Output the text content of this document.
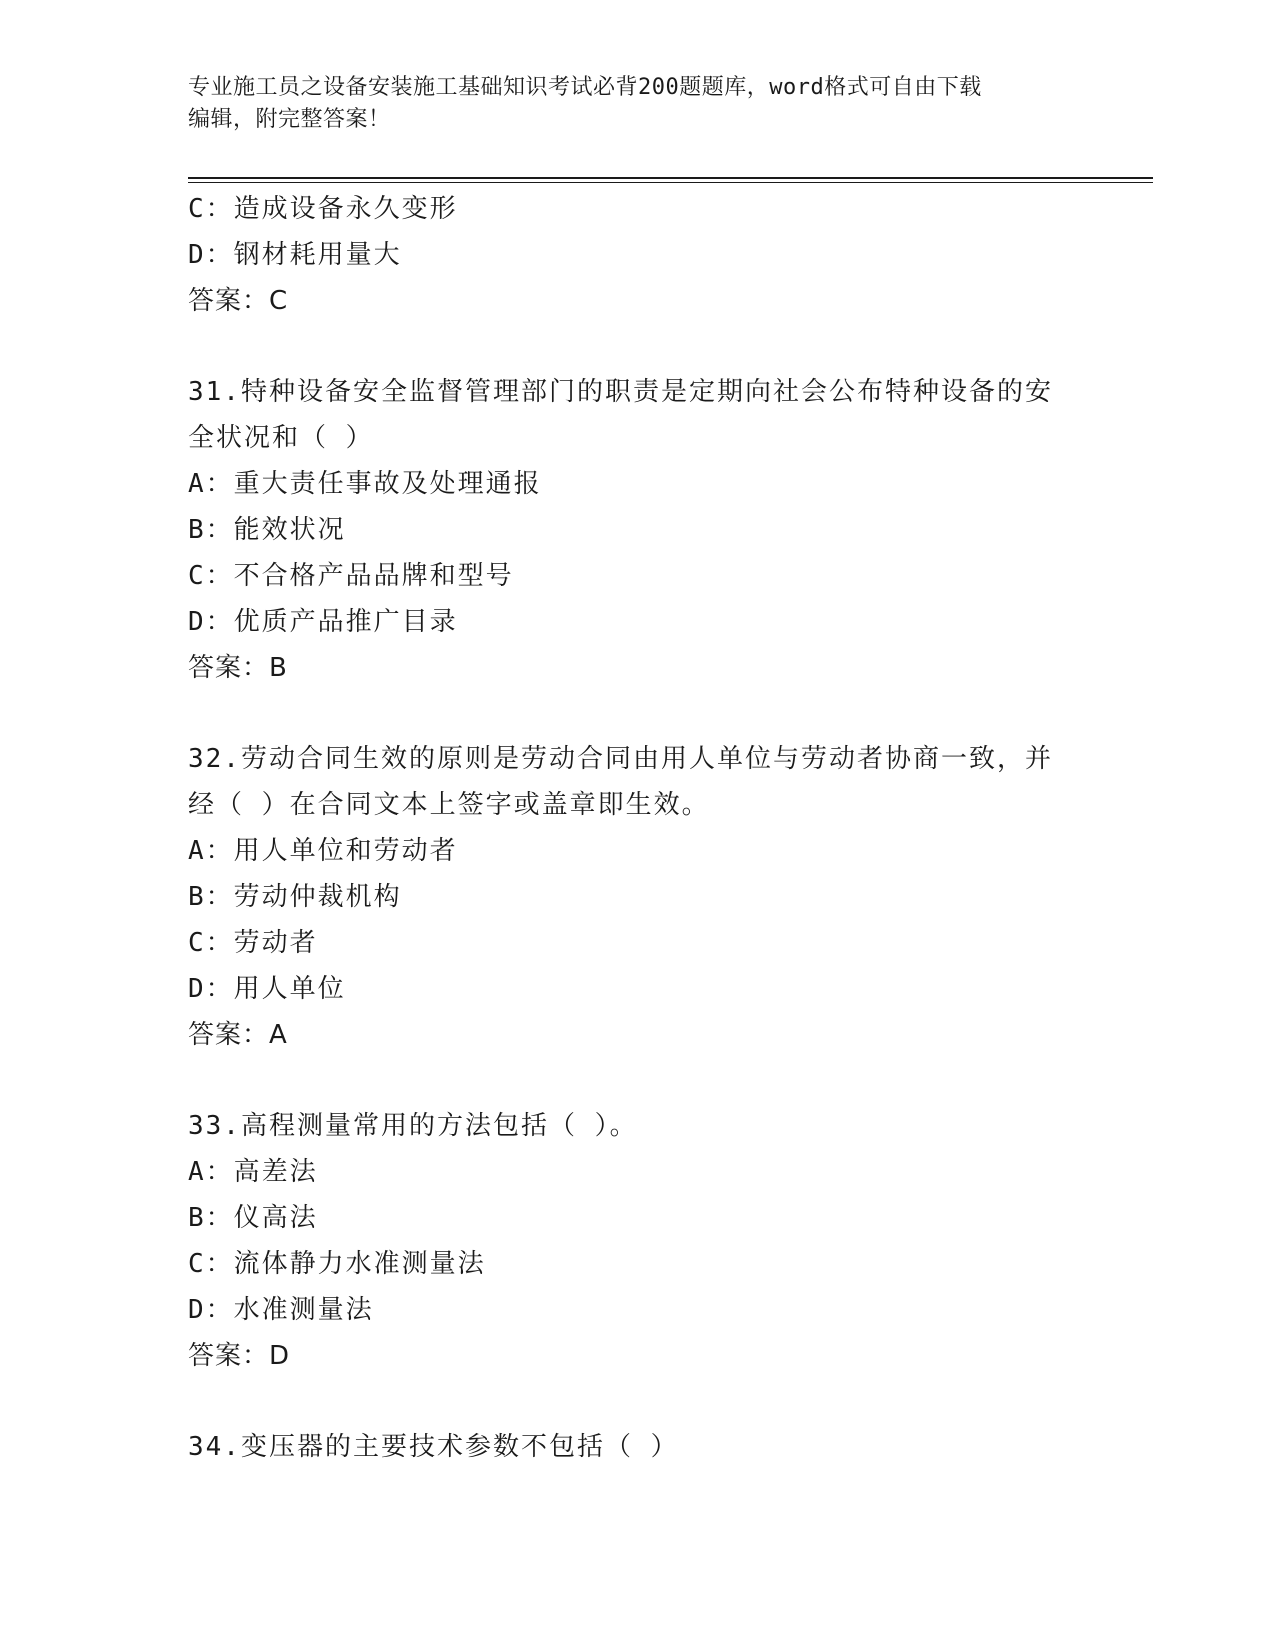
专业施工员之设备安装施工基础知识考试必背200题题库，word格式可自由下载
编辑，附完整答案！
C：造成设备永久变形
D：钢材耗用量大
答案：C
31.特种设备安全监督管理部门的职责是定期向社会公布特种设备的安
全状况和（ ）
A：重大责任事故及处理通报
B：能效状况
C：不合格产品品牌和型号
D：优质产品推广目录
答案：B
32.劳动合同生效的原则是劳动合同由用人单位与劳动者协商一致，并
经（ ）在合同文本上签字或盖章即生效。
A：用人单位和劳动者
B：劳动仲裁机构
C：劳动者
D：用人单位
答案：A
33.高程测量常用的方法包括（ ）。
A：高差法
B：仪高法
C：流体静力水准测量法
D：水准测量法
答案：D
34.变压器的主要技术参数不包括（ ）
